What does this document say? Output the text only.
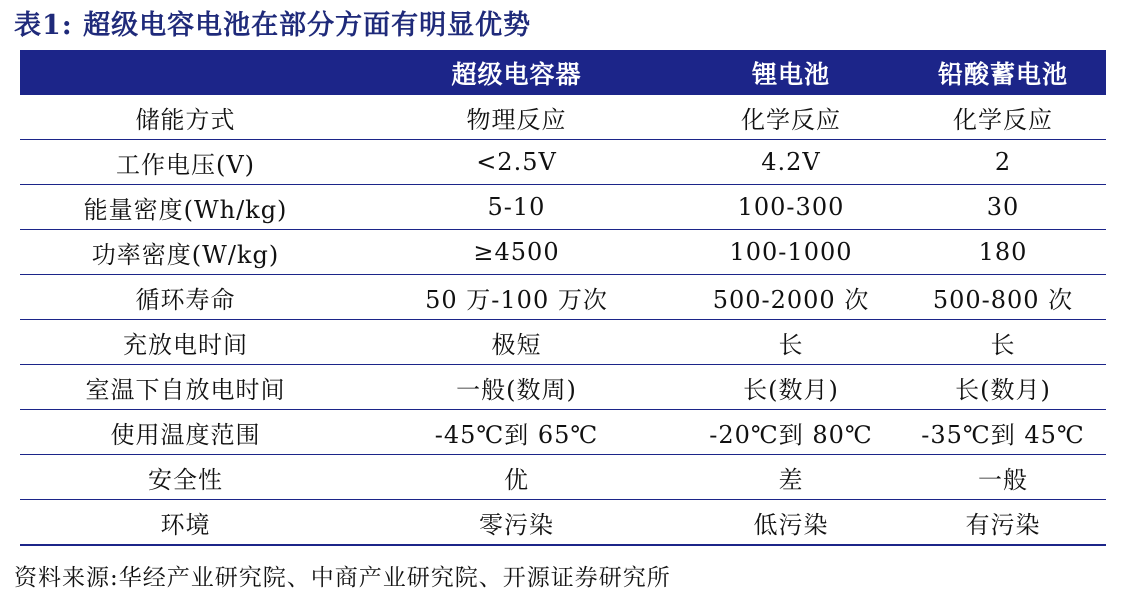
表1: 超级电容电池在部分方面有明显优势
	超级电容器	锂电池	铅酸蓄电池
储能方式	物理反应	化学反应	化学反应
工作电压(V)	<2.5V	4.2V	2
能量密度(Wh/kg)	5-10	100-300	30
功率密度(W/kg)	≥4500	100-1000	180
循环寿命	50 万-100 万次	500-2000 次	500-800 次
充放电时间	极短	长	长
室温下自放电时间	一般(数周)	长(数月)	长(数月)
使用温度范围	-45℃到 65℃	-20℃到 80℃	-35℃到 45℃
安全性	优	差	一般
环境	零污染	低污染	有污染
资料来源:华经产业研究院、中商产业研究院、开源证券研究所
